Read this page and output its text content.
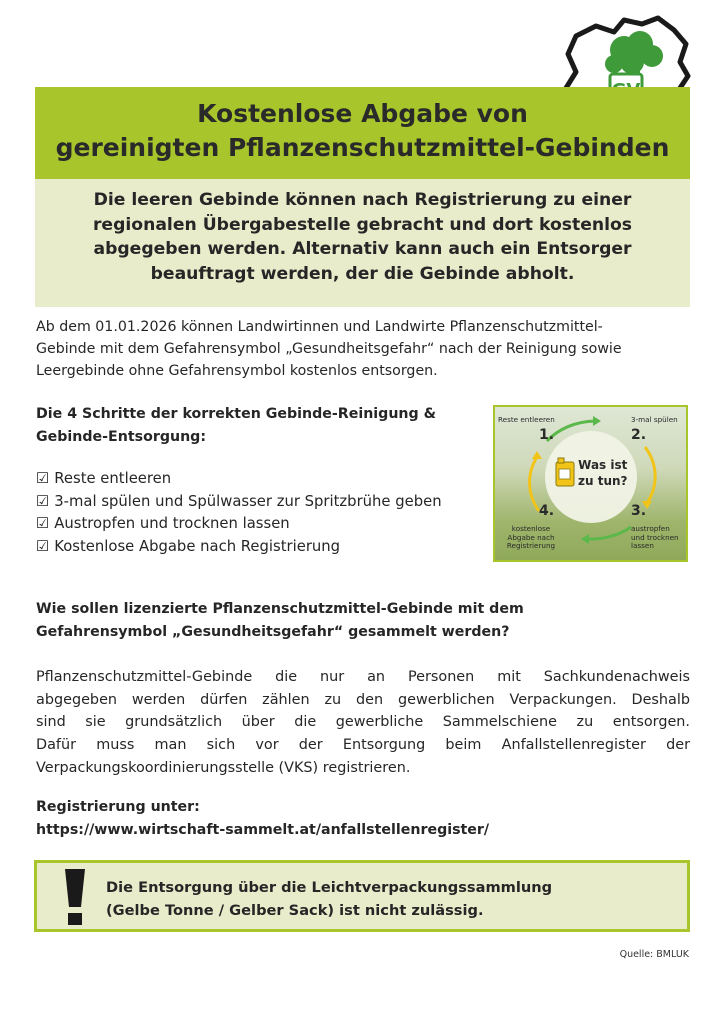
Kostenlose Abgabe von
gereinigten Pflanzenschutzmittel-Gebinden
Die leeren Gebinde können nach Registrierung zu einer
regionalen Übergabestelle gebracht und dort kostenlos
abgegeben werden. Alternativ kann auch ein Entsorger
beauftragt werden, der die Gebinde abholt.
Ab dem 01.01.2026 können Landwirtinnen und Landwirte Pflanzenschutzmittel-
Gebinde mit dem Gefahrensymbol „Gesundheitsgefahr“ nach der Reinigung sowie
Leergebinde ohne Gefahrensymbol kostenlos entsorgen.
Die 4 Schritte der korrekten Gebinde-Reinigung &
Gebinde-Entsorgung:
☑ Reste entleeren
☑ 3-mal spülen und Spülwasser zur Spritzbrühe geben
☑ Austropfen und trocknen lassen
☑ Kostenlose Abgabe nach Registrierung
Reste entleeren
1.
3-mal spülen
2.
3.
austropfen
und trocknen
lassen
4.
kostenlose
Abgabe nach
Registrierung
Was ist
zu tun?
Wie sollen lizenzierte Pflanzenschutzmittel-Gebinde mit dem
Gefahrensymbol „Gesundheitsgefahr“ gesammelt werden?
Pflanzenschutzmittel-Gebinde die nur an Personen mit Sachkundenachweis
abgegeben werden dürfen zählen zu den gewerblichen Verpackungen. Deshalb
sind sie grundsätzlich über die gewerbliche Sammelschiene zu entsorgen.
Dafür muss man sich vor der Entsorgung beim Anfallstellenregister der
Verpackungskoordinierungsstelle (VKS) registrieren.
Registrierung unter:
https://www.wirtschaft-sammelt.at/anfallstellenregister/
Die Entsorgung über die Leichtverpackungssammlung
(Gelbe Tonne / Gelber Sack) ist nicht zulässig.
Quelle: BMLUK
